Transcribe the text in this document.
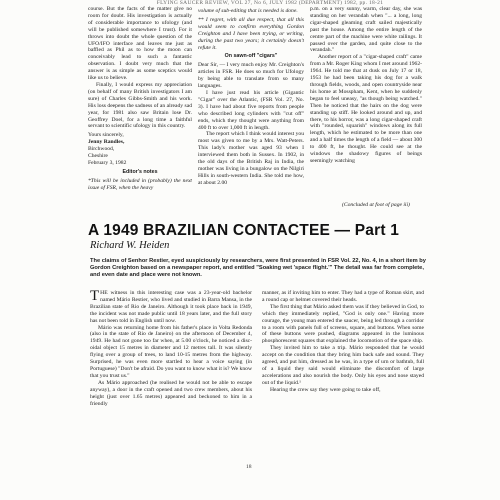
FLYING SAUCER REVIEW, VOL 27, No 6, JULY 1982 (DEPARTMENT) 1982, pp. 18-21

course. But the facts of the matter give no room for doubt. His investigation is actually of considerable importance to ufology (and will be published somewhere I trust). For it throws into doubt the whole question of the UFO/IFO interface and leaves me just as baffled as Phil as to how the moon can conceivably lead to such a fantastic observation. I doubt very much that the answer is as simple as some sceptics would like us to believe.

Finally, I would express my appreciation (on behalf of many British investigators I am sure) of Charles Gibbs-Smith and his work. His loss deepens the sadness of an already sad year, for 1981 also saw Britain lose Dr. Geoffrey Doel, for a long time a faithful servant to scientific ufology in this country.

Yours sincerely,
Jenny Randles,
Birchwood,
Cheshire
February 3, 1982
Editor's notes
*This will be included in (probably) the next issue of FSR, when the heavy
volume of sub-editing that is needed is done.
** I regret, with all due respect, that all this would seem to confirm everything Gordon Creighton and I have been trying, or writing, during the past two years; it certainly doesn't refute it.
On sawn-off "cigars"

Dear Sir, — I very much enjoy Mr. Creighton's articles in FSR. He does so much for Ufology by being able to translate from so many languages.

I have just read his article (Gigantic "Cigar" over the Atlantic, (FSR Vol. 27, No. 3). I have had about five reports from people who described long cylinders with "cut off" ends, which they thought were anything from 400 ft to over 1,000 ft in length.

The report which I think would interest you most was given to me by a Mrs. Watt-Peters. This lady's mother was aged 93 when I interviewed them both in Sussex. In 1902, in the old days of the British Raj in India, the mother was living in a bungalow on the Nilgiri Hills in south-western India. She told me how, at about 2.00

p.m. on a very sunny, warm, clear day, she was standing on her verandah when "... a long, long cigar-shaped gleaming craft sailed majestically past the house. Among the entire length of the centre part of the machine were white railings. It passed over the garden, and quite close to the verandah."

Another report of a "cigar-shaped craft" came from a Mr. Roger King whom I met around 1962-1964. He told me that at dusk on July 17 or 18, 1953 he had been taking his dog for a walk through fields, woods, and open countryside near his home at Mosspham, Kent, when he suddenly began to feel uneasy, "as though being watched." Then he noticed that the hairs on the dog were standing up stiff. He looked around and up, and there, to his horror, was a long cigar-shaped craft with "rounded, squarish" windows along its full length, which he estimated to be more than one and a half times the length of a field — about 300 to 400 ft, he thought. He could see at the windows the shadowy figures of beings seemingly watching

(Concluded at foot of page iii)
A 1949 BRAZILIAN CONTACTEE — Part 1
Richard W. Heiden
The claims of Senhor Restier, eyed suspiciously by researchers, were first presented in FSR Vol. 22, No. 4, in a short item by Gordon Creighton based on a newspaper report, and entitled "Soaking wet 'space flight.'" The detail was far from complete, and even date and place were not known.

THE witness in this interesting case was a 23-year-old bachelor named Mário Restier, who lived and studied in Barra Mansa, in the Brazilian state of Rio de Janeiro. Although it took place back in 1949, the incident was not made public until 18 years later, and the full story has not been told in English until now.

Mário was returning home from his father's place in Volta Redonda (also in the state of Rio de Janeiro) on the afternoon of December 4, 1949. He had not gone too far when, at 5.00 o'clock, he noticed a disc-oidal object 15 metres in diameter and 12 metres tall. It was silently flying over a group of trees, to land 10-15 metres from the highway. Surprised, he was even more startled to hear a voice saying (in Portuguese) "Don't be afraid. Do you want to know what it is? We know that you trust us."

As Mário approached (he realised he would not be able to escape anyway), a door in the craft opened and two crew members, about his height (just over 1.65 metres) appeared and beckoned to him in a friendly

manner, as if inviting him to enter. They had a type of Roman skirt, and a round cap or helmet covered their heads.

The first thing that Mário asked them was if they believed in God, to which they immediately replied, "God is only one." Having more courage, the young man entered the saucer, being led through a corridor to a room with panels full of screens, square, and buttons. When some of these buttons were pushed, diagrams appeared in the luminous phosphorescent squares that explained the locomotion of the space ship.

They invited him to take a trip. Mário responded that he would accept on the condition that they bring him back safe and sound. They agreed, and put him, dressed as he was, in a type of urn or bathtub, full of a liquid they said would eliminate the discomfort of large accelerations and also nourish the body. Only his eyes and nose stayed out of the liquid.¹

Hearing the crew say they were going to take off,

18
